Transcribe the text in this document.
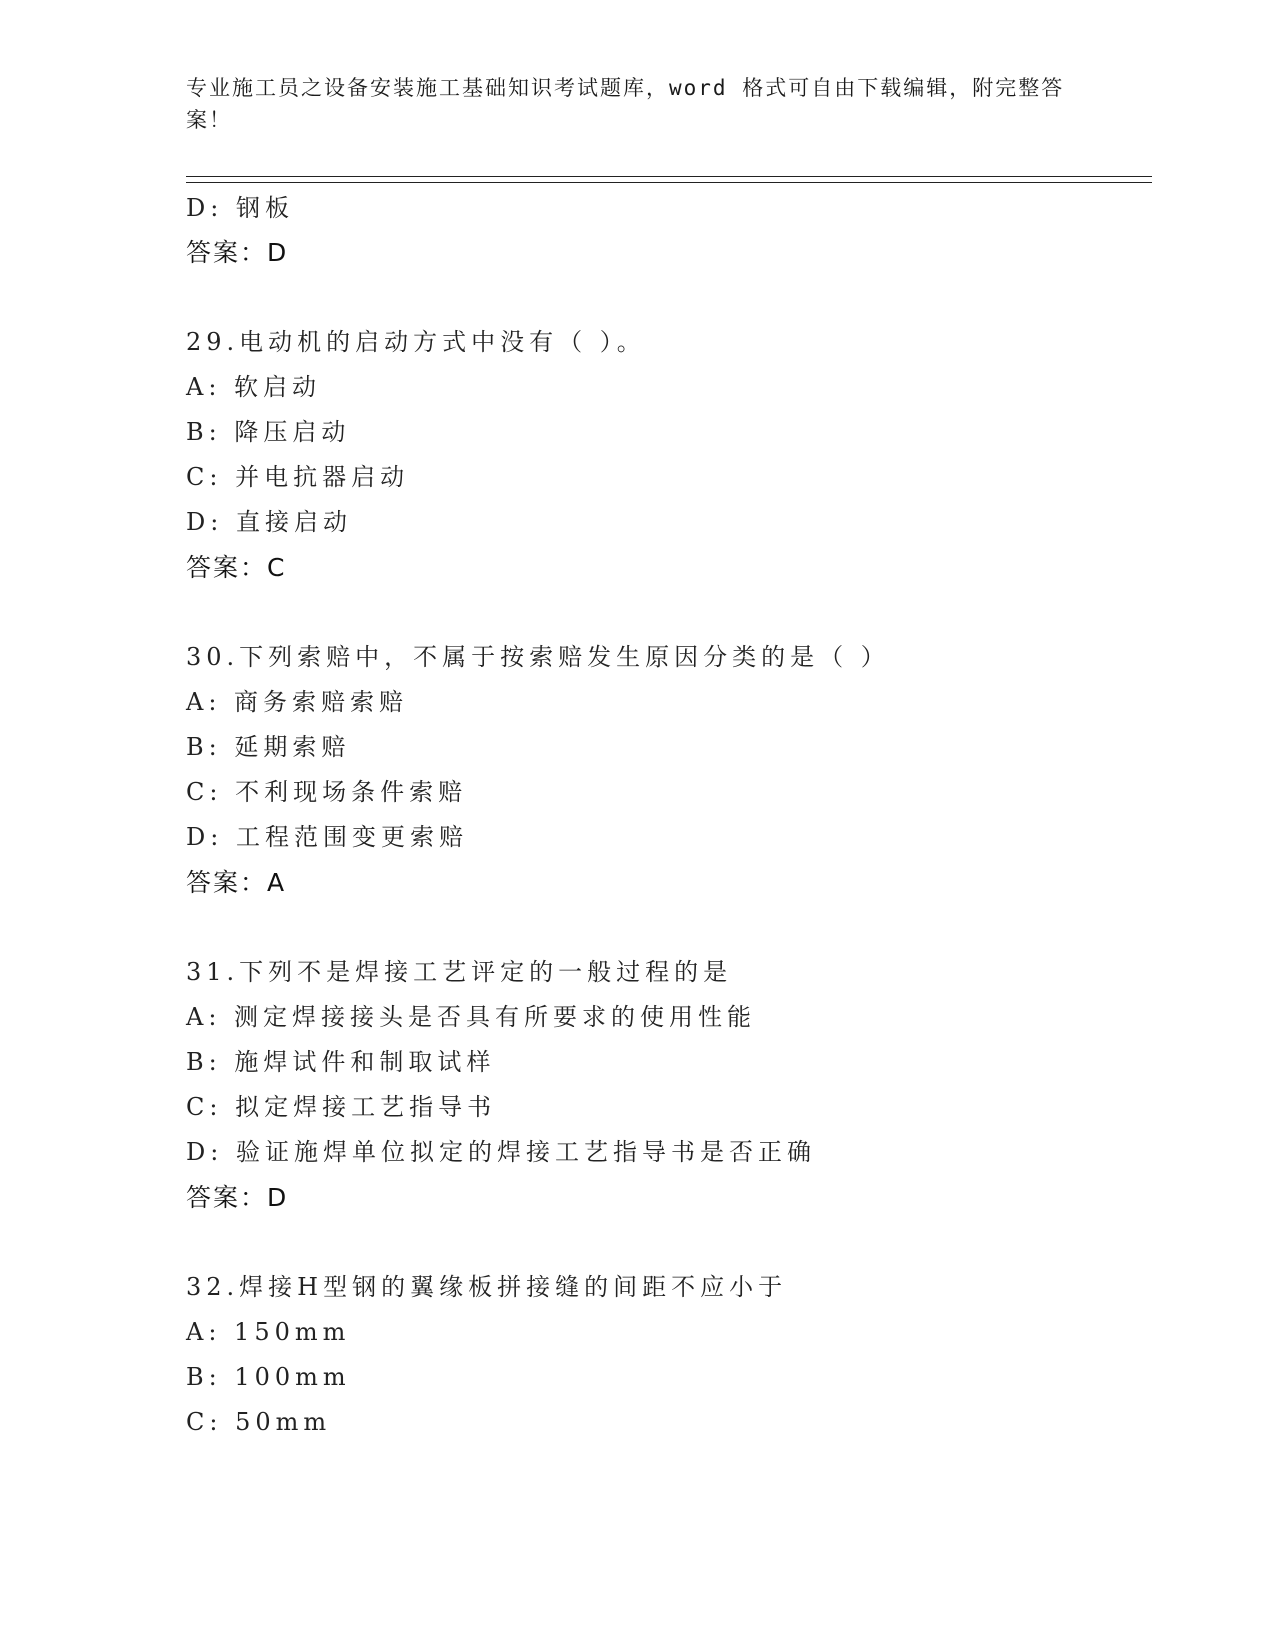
专业施工员之设备安装施工基础知识考试题库，word 格式可自由下载编辑，附完整答案！
D: 钢板
答案：D
29.电动机的启动方式中没有（ ）。
A: 软启动
B: 降压启动
C: 并电抗器启动
D: 直接启动
答案：C
30.下列索赔中，不属于按索赔发生原因分类的是（ ）
A: 商务索赔索赔
B: 延期索赔
C: 不利现场条件索赔
D: 工程范围变更索赔
答案：A
31.下列不是焊接工艺评定的一般过程的是
A: 测定焊接接头是否具有所要求的使用性能
B: 施焊试件和制取试样
C: 拟定焊接工艺指导书
D: 验证施焊单位拟定的焊接工艺指导书是否正确
答案：D
32.焊接H型钢的翼缘板拼接缝的间距不应小于
A: 150mm
B: 100mm
C: 50mm
